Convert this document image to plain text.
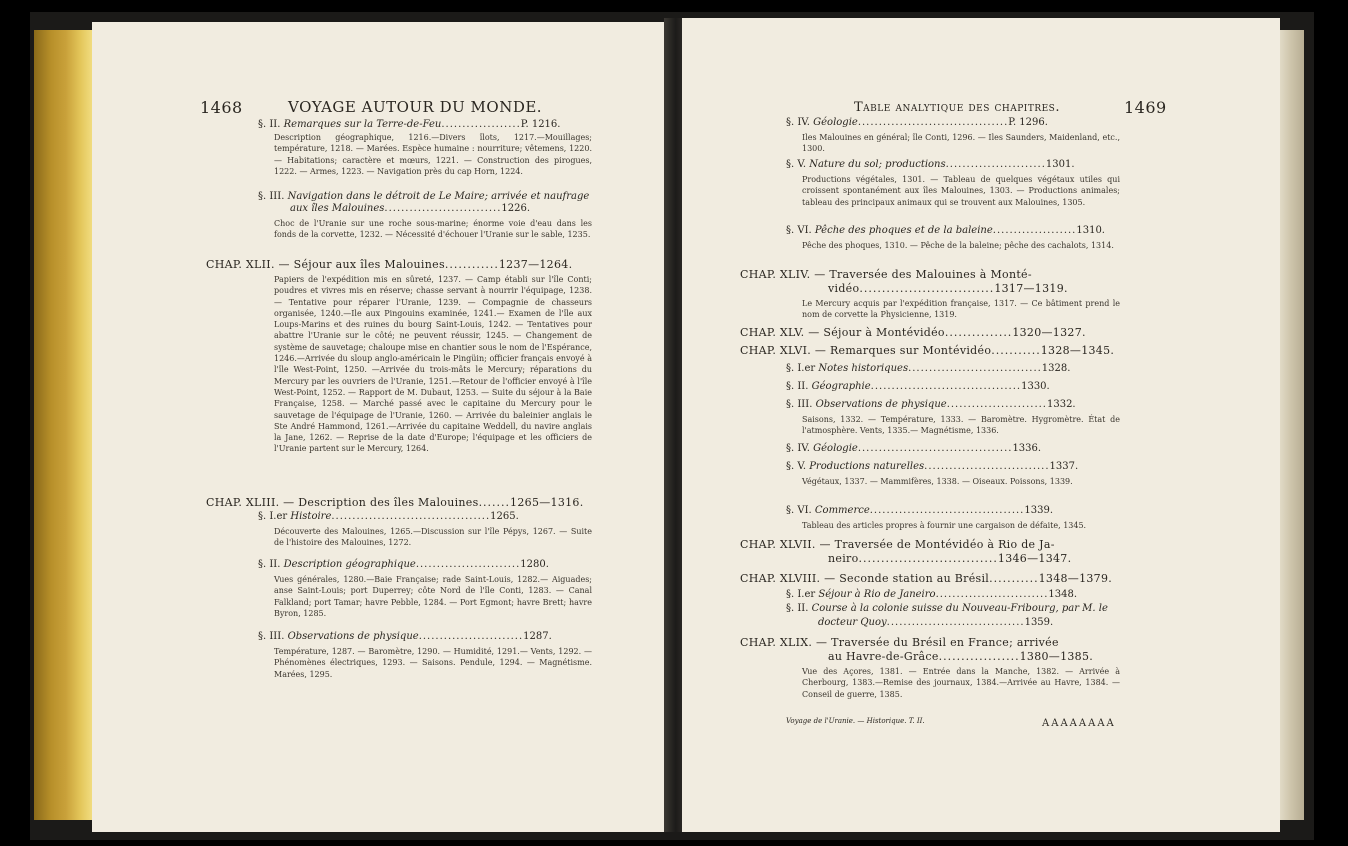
1468	VOYAGE AUTOUR DU MONDE.
§. II. Remarques sur la Terre-de-Feu...................P. 1216.
Description géographique, 1216.—Divers îlots, 1217.—Mouillages; température, 1218. — Marées. Espèce humaine : nourriture; vêtemens, 1220. — Habitations; caractère et mœurs, 1221. — Construction des pirogues, 1222. — Armes, 1223. — Navigation près du cap Horn, 1224.
§. III. Navigation dans le détroit de Le Maire; arrivée et naufrage
aux îles Malouines............................1226.
Choc de l'Uranie sur une roche sous-marine; énorme voie d'eau dans les fonds de la corvette, 1232. — Nécessité d'échouer l'Uranie sur le sable, 1235.
CHAP. XLII. — Séjour aux îles Malouines............1237—1264.
Papiers de l'expédition mis en sûreté, 1237. — Camp établi sur l'île Conti; poudres et vivres mis en réserve; chasse servant à nourrir l'équipage, 1238. — Tentative pour réparer l'Uranie, 1239. — Compagnie de chasseurs organisée, 1240.—Ile aux Pingouins examinée, 1241.— Examen de l'île aux Loups-Marins et des ruines du bourg Saint-Louis, 1242. — Tentatives pour abattre l'Uranie sur le côté; ne peuvent réussir, 1245. — Changement de système de sauvetage; chaloupe mise en chantier sous le nom de l'Espérance, 1246.—Arrivée du sloup anglo-américain le Pingüin; officier français envoyé à l'île West-Point, 1250. —Arrivée du trois-mâts le Mercury; réparations du Mercury par les ouvriers de l'Uranie, 1251.—Retour de l'officier envoyé à l'île West-Point, 1252. — Rapport de M. Dubaut, 1253. — Suite du séjour à la Baie Française, 1258. — Marché passé avec le capitaine du Mercury pour le sauvetage de l'équipage de l'Uranie, 1260. — Arrivée du baleinier anglais le Ste André Hammond, 1261.—Arrivée du capitaine Weddell, du navire anglais la Jane, 1262. — Reprise de la date d'Europe; l'équipage et les officiers de l'Uranie partent sur le Mercury, 1264.
CHAP. XLIII. — Description des îles Malouines.......1265—1316.
§. I.er Histoire......................................1265.
Découverte des Malouines, 1265.—Discussion sur l'île Pépys, 1267. — Suite de l'histoire des Malouines, 1272.
§. II. Description géographique.........................1280.
Vues générales, 1280.—Baie Française; rade Saint-Louis, 1282.— Aiguades; anse Saint-Louis; port Duperrey; côte Nord de l'île Conti, 1283. — Canal Falkland; port Tamar; havre Pebble, 1284. — Port Egmont; havre Brett; havre Byron, 1285.
§. III. Observations de physique.........................1287.
Température, 1287. — Baromètre, 1290. — Humidité, 1291.— Vents, 1292. — Phénomènes électriques, 1293. — Saisons. Pendule, 1294. — Magnétisme. Marées, 1295.
Table analytique des chapitres.	1469
§. IV. Géologie....................................P. 1296.
Iles Malouines en général; île Conti, 1296. — Iles Saunders, Maidenland, etc., 1300.
§. V. Nature du sol; productions........................1301.
Productions végétales, 1301. — Tableau de quelques végétaux utiles qui croissent spontanément aux îles Malouines, 1303. — Productions animales; tableau des principaux animaux qui se trouvent aux Malouines, 1305.
§. VI. Pêche des phoques et de la baleine....................1310.
Pêche des phoques, 1310. — Pêche de la baleine; pêche des cachalots, 1314.
CHAP. XLIV. — Traversée des Malouines à Monté-
vidéo..............................1317—1319.
Le Mercury acquis par l'expédition française, 1317. — Ce bâtiment prend le nom de corvette la Physicienne, 1319.
CHAP. XLV. — Séjour à Montévidéo...............1320—1327.
CHAP. XLVI. — Remarques sur Montévidéo...........1328—1345.
§. I.er Notes historiques................................1328.
§. II. Géographie....................................1330.
§. III. Observations de physique........................1332.
Saisons, 1332. — Température, 1333. — Baromètre. Hygromètre. État de l'atmosphère. Vents, 1335.— Magnétisme, 1336.
§. IV. Géologie.....................................1336.
§. V. Productions naturelles..............................1337.
Végétaux, 1337. — Mammifères, 1338. — Oiseaux. Poissons, 1339.
§. VI. Commerce.....................................1339.
Tableau des articles propres à fournir une cargaison de défaite, 1345.
CHAP. XLVII. — Traversée de Montévidéo à Rio de Ja-
neiro...............................1346—1347.
CHAP. XLVIII. — Seconde station au Brésil...........1348—1379.
§. I.er Séjour à Rio de Janeiro...........................1348.
§. II. Course à la colonie suisse du Nouveau-Fribourg, par M. le
docteur Quoy.................................1359.
CHAP. XLIX. — Traversée du Brésil en France; arrivée
au Havre-de-Grâce..................1380—1385.
Vue des Açores, 1381. — Entrée dans la Manche, 1382. — Arrivée à Cherbourg, 1383.—Remise des journaux, 1384.—Arrivée au Havre, 1384. — Conseil de guerre, 1385.
Voyage de l'Uranie. — Historique. T. II.	AAAAAAAA
